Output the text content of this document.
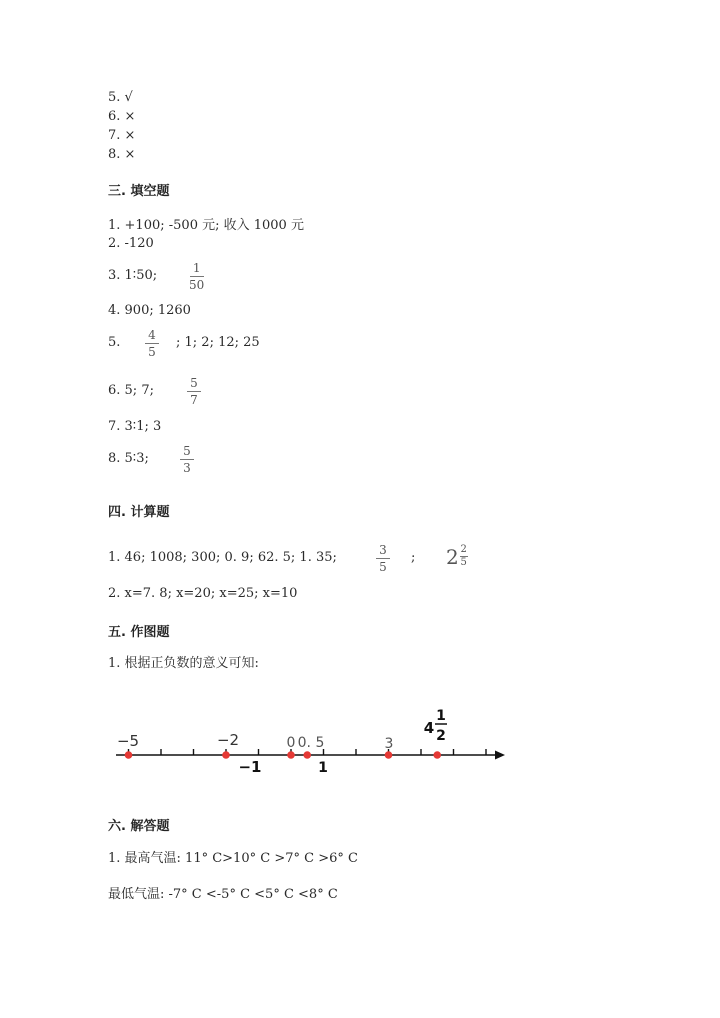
5. √
6. ×
7. ×
8. ×
三. 填空题
1. +100; -500 元; 收入 1000 元
2. -120
3. 1∶50;	1
50
4. 900; 1260
5. 4
5
; 1; 2; 12; 25
6. 5; 7;	5
7
7. 3∶1; 3
8. 5∶3;	5
3
四. 计算题
1. 46; 1008; 300; 0. 9; 62. 5; 1. 35;	3
5
; 2 2
5
2. x=7. 8; x=20; x=25; x=10
五. 作图题
1. 根据正负数的意义可知:
−5	−2	0 0. 5	3
−1	1
4
1
2
六. 解答题
1. 最高气温: 11° C>10° C >7° C >6° C
最低气温: -7° C <-5° C <5° C <8° C
